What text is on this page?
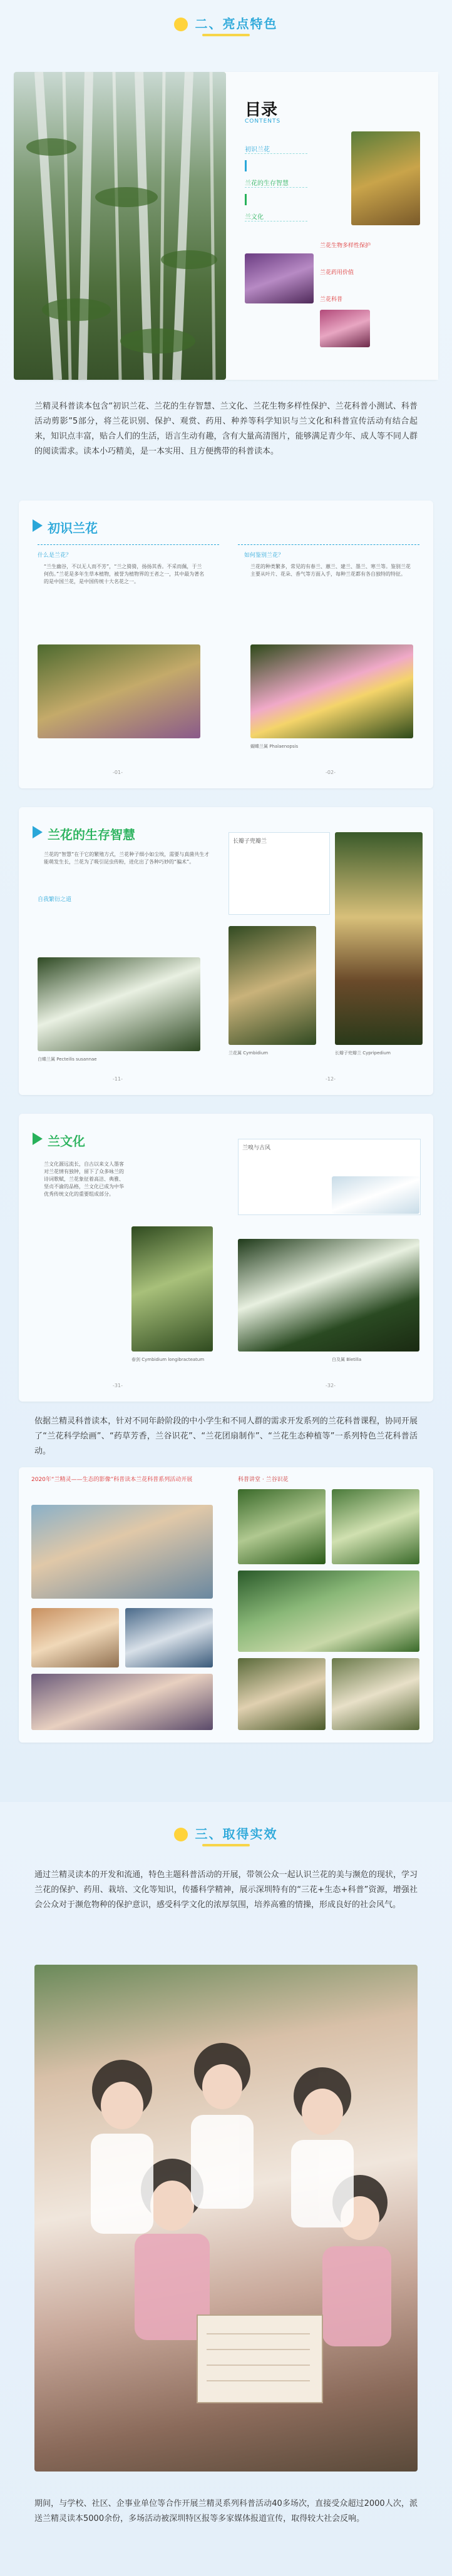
二、亮点特色
目录
CONTENTS
初识兰花
兰花的生存智慧
兰文化
兰花生物多样性保护
兰花药用价值
兰花科普
兰精灵科普读本包含“初识兰花、兰花的生存智慧、兰文化、兰花生物多样性保护、兰花科普小测试、科普活动剪影”5部分，将兰花识别、保护、观赏、药用、种养等科学知识与兰文化和科普宣传活动有结合起来，知识点丰富，贴合人们的生活，语言生动有趣，含有大量高清图片，能够满足青少年、成人等不同人群的阅读需求。读本小巧精美，是一本实用、且方便携带的科普读本。
初识兰花
什么是兰花？
“兰生幽谷，不以无人而不芳”，“兰之猗猗，扬扬其香。不采而佩，于兰何伤。”兰花是多年生草本植物，被誉为植物界的王者之一，其中最为著名的是中国兰花，是中国传统十大名花之一。
-01-
如何鉴别兰花？
兰花的种类繁多，常见的有春兰、蕙兰、建兰、墨兰、寒兰等。鉴别兰花主要从叶片、花朵、香气等方面入手，每种兰花都有各自独特的特征。
蝴蝶兰属 Phalaenopsis
-02-
兰花的生存智慧
兰花的“智慧”在于它的繁殖方式，兰花种子细小如尘埃，需要与真菌共生才能萌发生长，兰花为了吸引昆虫传粉，进化出了各种巧妙的“骗术”。
自我繁衍之道
白蝶兰属 Pecteilis susannae
-11-
长瓣子兜瓣兰
兰花属 Cymbidium	长瓣子兜瓣兰 Cypripedium
-12-
兰文化
兰文化源远流长，自古以来文人墨客对兰花情有独钟，留下了众多咏兰的诗词歌赋，兰花象征着高洁、典雅、坚贞不渝的品格，兰文化已成为中华优秀传统文化的重要组成部分。
春剑 Cymbidium longibracteatum
-31-
兰嗅与古风
白及属 Bletilla
-32-
依据兰精灵科普读本，针对不同年龄阶段的中小学生和不同人群的需求开发系列的兰花科普课程，协同开展了“兰花科学绘画”、“药草芳香，兰谷识花”、“兰花团扇制作”、“兰花生态种植等”一系列特色兰花科普活动。
2020年“兰精灵——生态的影像”科普读本兰花科普系列活动开展	科普讲堂 · 兰谷识花
三、取得实效
通过兰精灵读本的开发和流通，特色主题科普活动的开展，带领公众一起认识兰花的美与濒危的现状，学习兰花的保护、药用、栽培、文化等知识，传播科学精神，展示深圳特有的“三花+生态+科普”资源，增强社会公众对于濒危物种的保护意识，感受科学文化的浓厚氛围，培养高雅的情操，形成良好的社会风气。
期间，与学校、社区、企事业单位等合作开展兰精灵系列科普活动40多场次，直接受众超过2000人次，派送兰精灵读本5000余份，多场活动被深圳特区报等多家媒体报道宣传，取得较大社会反响。
